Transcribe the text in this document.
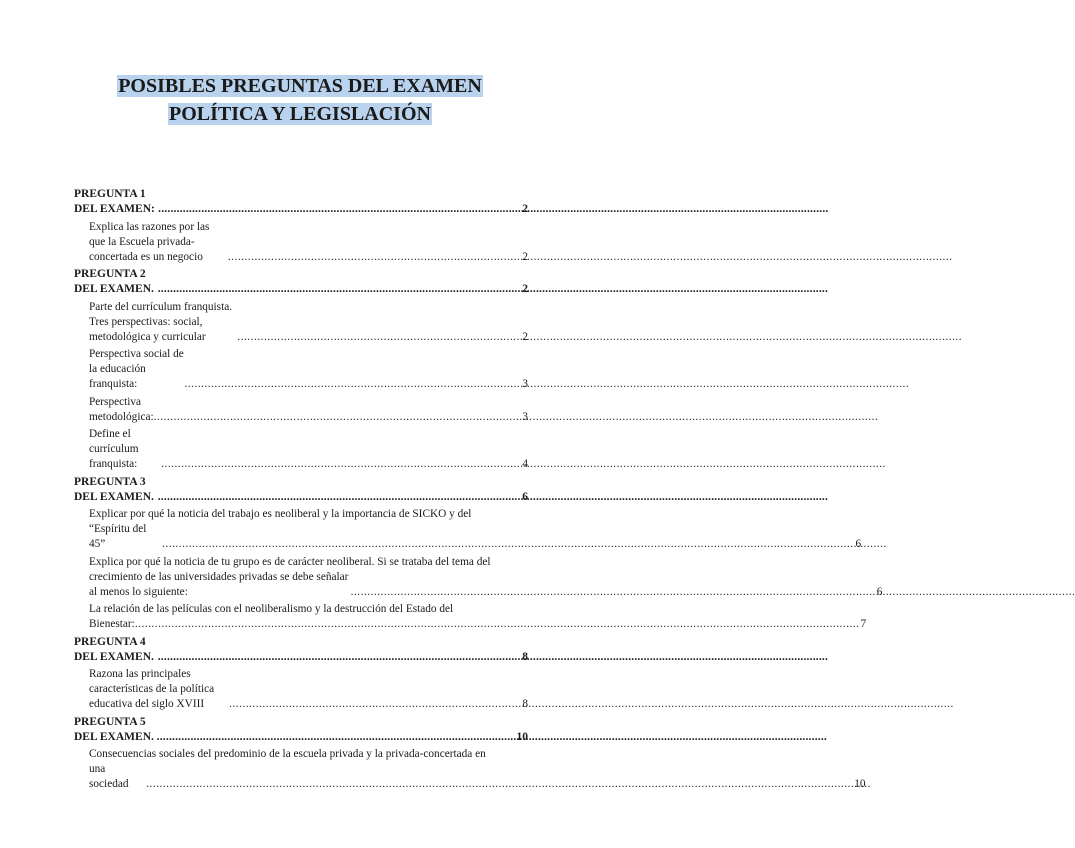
POSIBLES PREGUNTAS DEL EXAMEN
POLÍTICA Y LEGISLACIÓN
PREGUNTA 1 DEL EXAMEN: .....	2
Explica las razones por las que la Escuela privada-concertada es un negocio .....	2
PREGUNTA 2 DEL EXAMEN. .....	2
Parte del currículum franquista. Tres perspectivas: social, metodológica y curricular .....	2
Perspectiva social de la educación franquista: .....	3
Perspectiva metodológica: .....	3
Define el currículum franquista: .....	4
PREGUNTA 3 DEL EXAMEN. .....	6
Explicar por qué la noticia del trabajo es neoliberal y la importancia de SICKO y del
“Espíritu del 45” .....	6
Explica por qué la noticia de tu grupo es de carácter neoliberal. Si se trataba del tema del
crecimiento de las universidades privadas se debe señalar al menos lo siguiente: .....	6
La relación de las películas con el neoliberalismo y la destrucción del Estado del
Bienestar: .....	7
PREGUNTA 4 DEL EXAMEN. .....	8
Razona las principales características de la política educativa del siglo XVIII .....	8
PREGUNTA 5 DEL EXAMEN. .....	10
Consecuencias sociales del predominio de la escuela privada y la privada-concertada en
una sociedad .....	10
